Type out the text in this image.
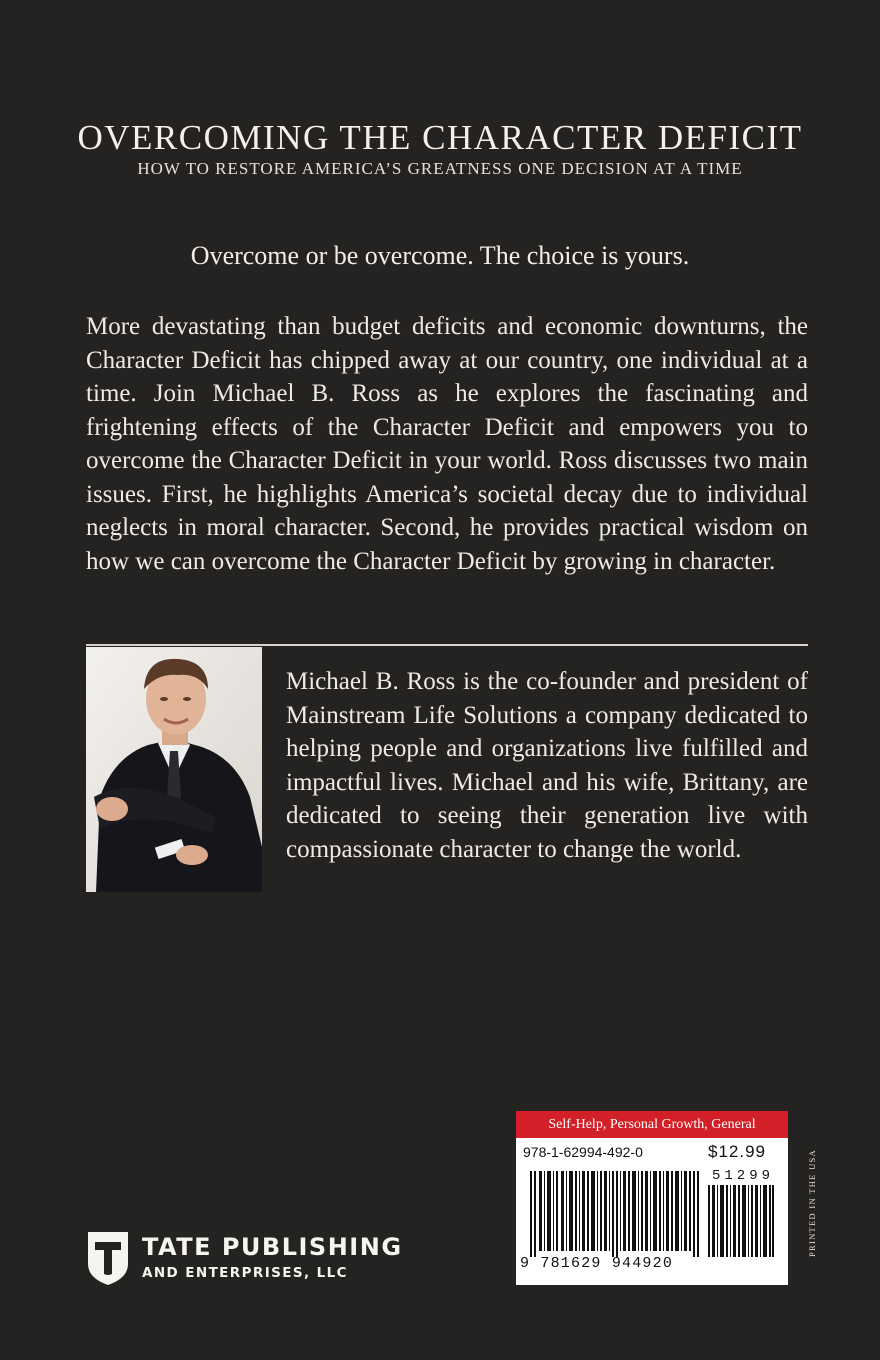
OVERCOMING THE CHARACTER DEFICIT
HOW TO RESTORE AMERICA’S GREATNESS ONE DECISION AT A TIME
Overcome or be overcome. The choice is yours.

More devastating than budget deficits and economic downturns, the Character Deficit has chipped away at our country, one individual at a time. Join Michael B. Ross as he explores the fascinating and frightening effects of the Character Deficit and empowers you to overcome the Character Deficit in your world. Ross discusses two main issues. First, he highlights America’s societal decay due to individual neglects in moral character. Second, he provides practical wisdom on how we can overcome the Character Deficit by growing in character.

Michael B. Ross is the co-founder and president of Mainstream Life Solutions a company dedicated to helping people and organizations live fulfilled and impactful lives. Michael and his wife, Brittany, are dedicated to seeing their generation live with compassionate character to change the world.

TATE PUBLISHING
AND ENTERPRISES, LLC
Self-Help, Personal Growth, General
978-1-62994-492-0	$12.99
51299
9 781629 944920
PRINTED IN THE USA
